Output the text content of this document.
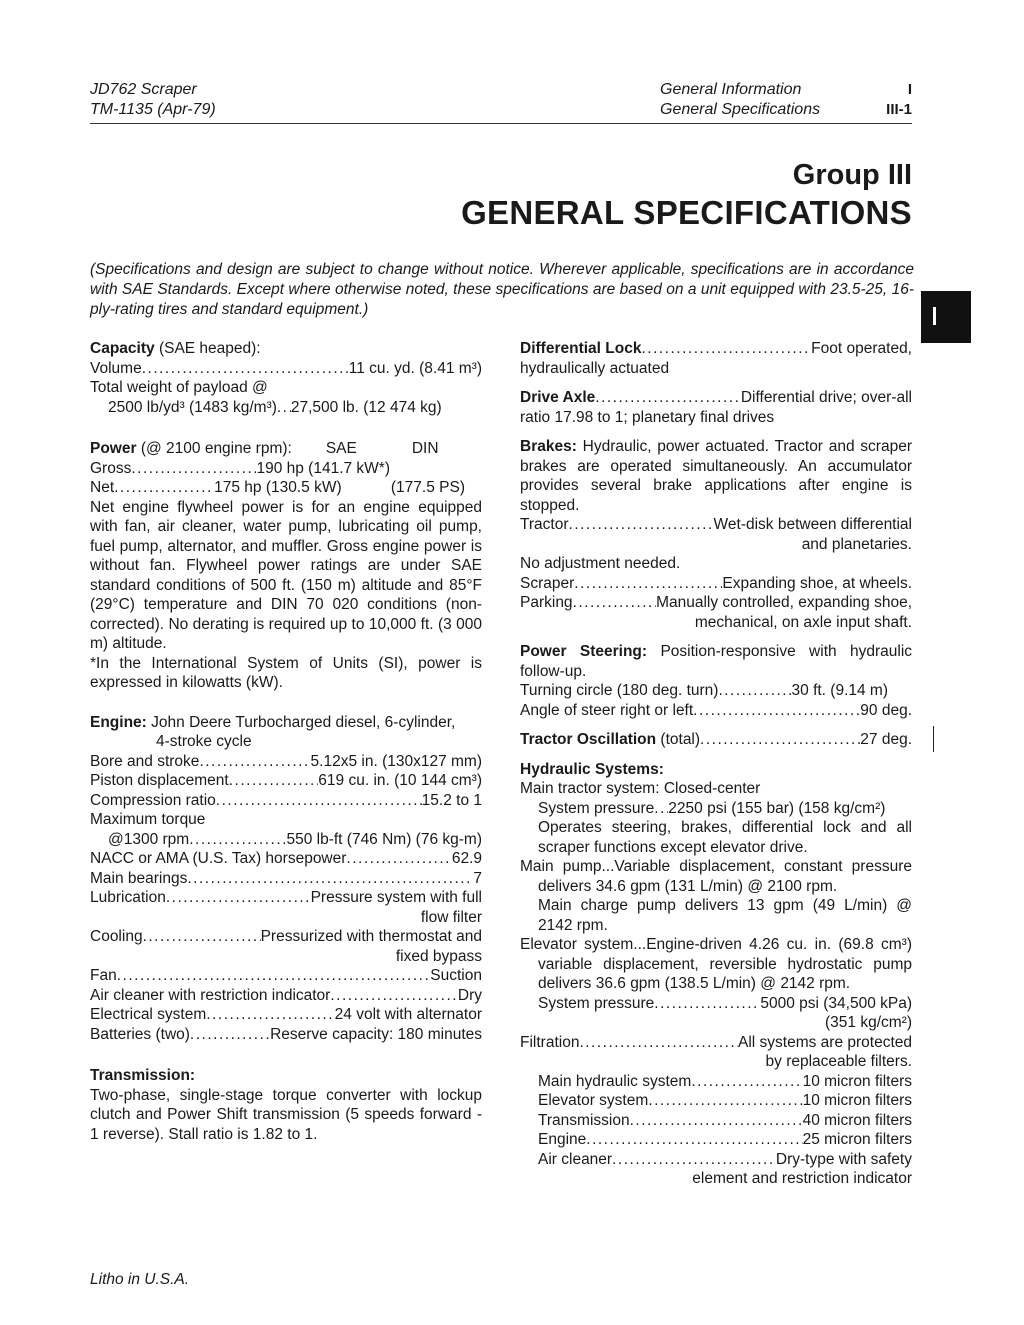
JD762 Scraper
TM-1135 (Apr-79)
General Information
General Specifications
I
III-1
Group III
GENERAL SPECIFICATIONS
(Specifications and design are subject to change without notice. Wherever applicable, specifications are in accordance with SAE Standards. Except where otherwise noted, these specifications are based on a unit equipped with 23.5-25, 16-ply-rating tires and standard equipment.)

Capacity (SAE heaped):

Volume .....	11 cu. yd. (8.41 m³)

Total weight of payload @

2500 lb/yd³ (1483 kg/m³) ..... 27,500 lb. (12 474 kg)
Power (@ 2100 engine rpm): SAE	DIN
Gross .....	190 hp (141.7 kW*)
Net .....	175 hp (130.5 kW)	(177.5 PS)

Net engine flywheel power is for an engine equipped with fan, air cleaner, water pump, lubricating oil pump, fuel pump, alternator, and muffler. Gross engine power is without fan. Flywheel power ratings are under SAE standard conditions of 500 ft. (150 m) altitude and 85°F (29°C) temperature and DIN 70 020 conditions (non-corrected). No derating is required up to 10,000 ft. (3 000 m) altitude.

*In the International System of Units (SI), power is expressed in kilowatts (kW).

Engine: John Deere Turbocharged diesel, 6-cylinder,

4-stroke cycle

Bore and stroke .....	5.12x5 in. (130x127 mm)
Piston displacement .....	619 cu. in. (10 144 cm³)
Compression ratio .....	15.2 to 1

Maximum torque

@1300 rpm .....	550 lb-ft (746 Nm) (76 kg-m)
NACC or AMA (U.S. Tax) horsepower .....	62.9
Main bearings .....	7
Lubrication .....	Pressure system with full

flow filter

Cooling .....	Pressurized with thermostat and

fixed bypass

Fan .....	Suction
Air cleaner with restriction indicator .....	Dry
Electrical system .....	24 volt with alternator
Batteries (two) .....	Reserve capacity: 180 minutes

Transmission:

Two-phase, single-stage torque converter with lockup clutch and Power Shift transmission (5 speeds forward - 1 reverse). Stall ratio is 1.82 to 1.

Differential Lock .....	Foot operated,

hydraulically actuated

Drive Axle .....	Differential drive; over-all

ratio 17.98 to 1; planetary final drives

Brakes: Hydraulic, power actuated. Tractor and scraper brakes are operated simultaneously. An accumulator provides several brake applications after engine is stopped.

Tractor .....	Wet-disk between differential

and planetaries.

No adjustment needed.

Scraper .....	Expanding shoe, at wheels.
Parking .....	Manually controlled, expanding shoe,

mechanical, on axle input shaft.

Power Steering: Position-responsive with hydraulic follow-up.

Turning circle (180 deg. turn) .....	30 ft. (9.14 m)
Angle of steer right or left .....	90 deg.
Tractor Oscillation (total) .....	27 deg.

Hydraulic Systems:

Main tractor system: Closed-center

System pressure ..... 2250 psi (155 bar) (158 kg/cm²)

Operates steering, brakes, differential lock and all scraper functions except elevator drive.

Main pump...Variable displacement, constant pressure delivers 34.6 gpm (131 L/min) @ 2100 rpm.

Main charge pump delivers 13 gpm (49 L/min) @ 2142 rpm.

Elevator system...Engine-driven 4.26 cu. in. (69.8 cm³) variable displacement, reversible hydrostatic pump delivers 36.6 gpm (138.5 L/min) @ 2142 rpm.

System pressure .....	5000 psi (34,500 kPa)

(351 kg/cm²)

Filtration .....	All systems are protected

by replaceable filters.

Main hydraulic system .....	10 micron filters
Elevator system .....	10 micron filters
Transmission .....	40 micron filters
Engine .....	25 micron filters
Air cleaner .....	Dry-type with safety

element and restriction indicator

Litho in U.S.A.
